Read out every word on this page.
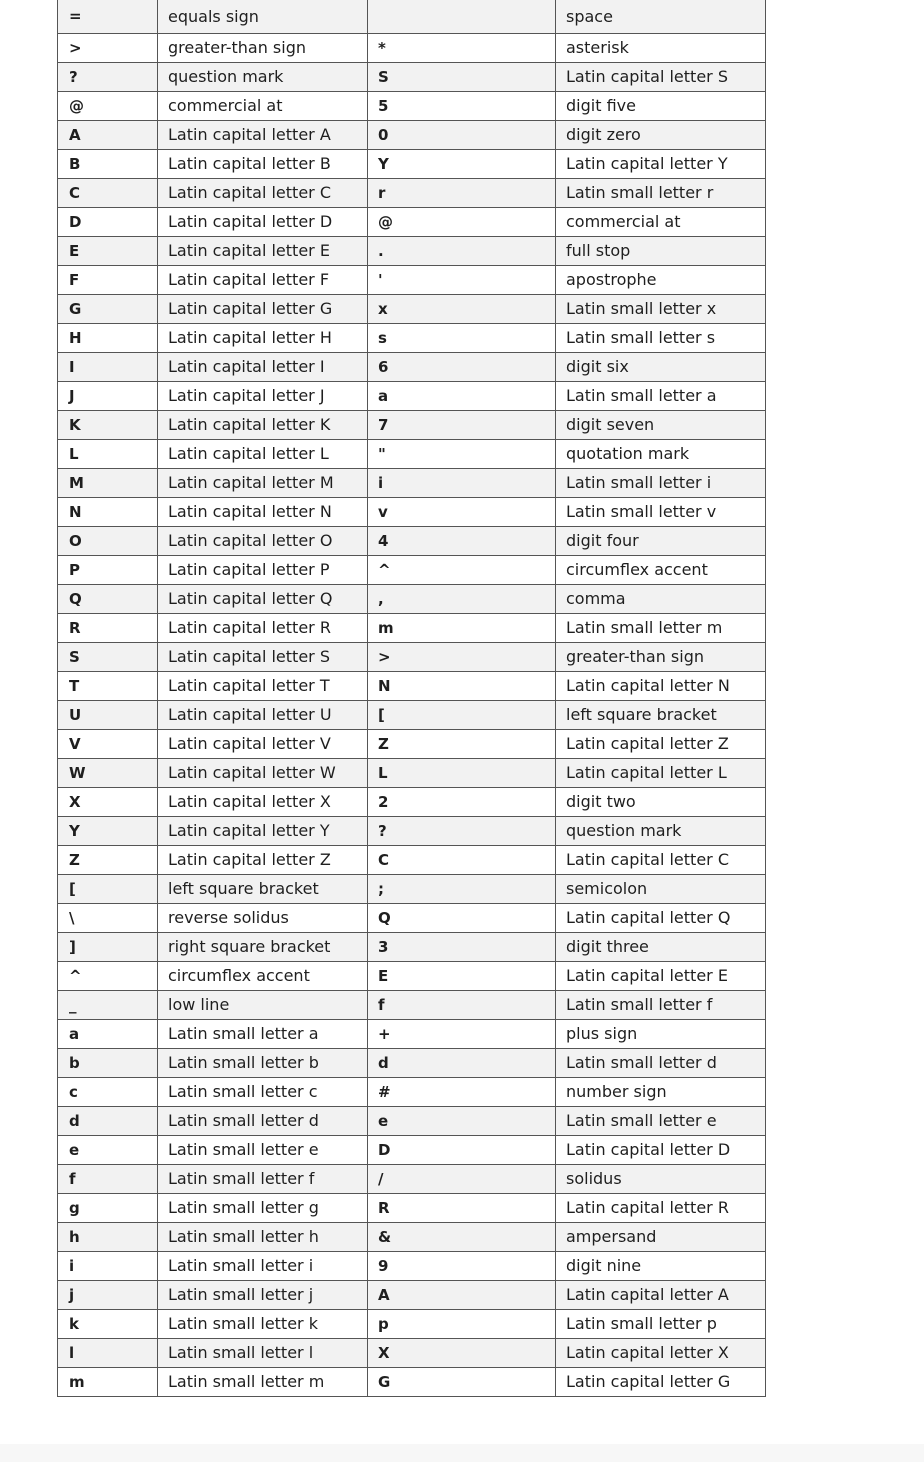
=	equals sign		space
>	greater-than sign	*	asterisk
?	question mark	S	Latin capital letter S
@	commercial at	5	digit five
A	Latin capital letter A	0	digit zero
B	Latin capital letter B	Y	Latin capital letter Y
C	Latin capital letter C	r	Latin small letter r
D	Latin capital letter D	@	commercial at
E	Latin capital letter E	.	full stop
F	Latin capital letter F	'	apostrophe
G	Latin capital letter G	x	Latin small letter x
H	Latin capital letter H	s	Latin small letter s
I	Latin capital letter I	6	digit six
J	Latin capital letter J	a	Latin small letter a
K	Latin capital letter K	7	digit seven
L	Latin capital letter L	"	quotation mark
M	Latin capital letter M	i	Latin small letter i
N	Latin capital letter N	v	Latin small letter v
O	Latin capital letter O	4	digit four
P	Latin capital letter P	^	circumflex accent
Q	Latin capital letter Q	,	comma
R	Latin capital letter R	m	Latin small letter m
S	Latin capital letter S	>	greater-than sign
T	Latin capital letter T	N	Latin capital letter N
U	Latin capital letter U	[	left square bracket
V	Latin capital letter V	Z	Latin capital letter Z
W	Latin capital letter W	L	Latin capital letter L
X	Latin capital letter X	2	digit two
Y	Latin capital letter Y	?	question mark
Z	Latin capital letter Z	C	Latin capital letter C
[	left square bracket	;	semicolon
\	reverse solidus	Q	Latin capital letter Q
]	right square bracket	3	digit three
^	circumflex accent	E	Latin capital letter E
_	low line	f	Latin small letter f
a	Latin small letter a	+	plus sign
b	Latin small letter b	d	Latin small letter d
c	Latin small letter c	#	number sign
d	Latin small letter d	e	Latin small letter e
e	Latin small letter e	D	Latin capital letter D
f	Latin small letter f	/	solidus
g	Latin small letter g	R	Latin capital letter R
h	Latin small letter h	&	ampersand
i	Latin small letter i	9	digit nine
j	Latin small letter j	A	Latin capital letter A
k	Latin small letter k	p	Latin small letter p
l	Latin small letter l	X	Latin capital letter X
m	Latin small letter m	G	Latin capital letter G
